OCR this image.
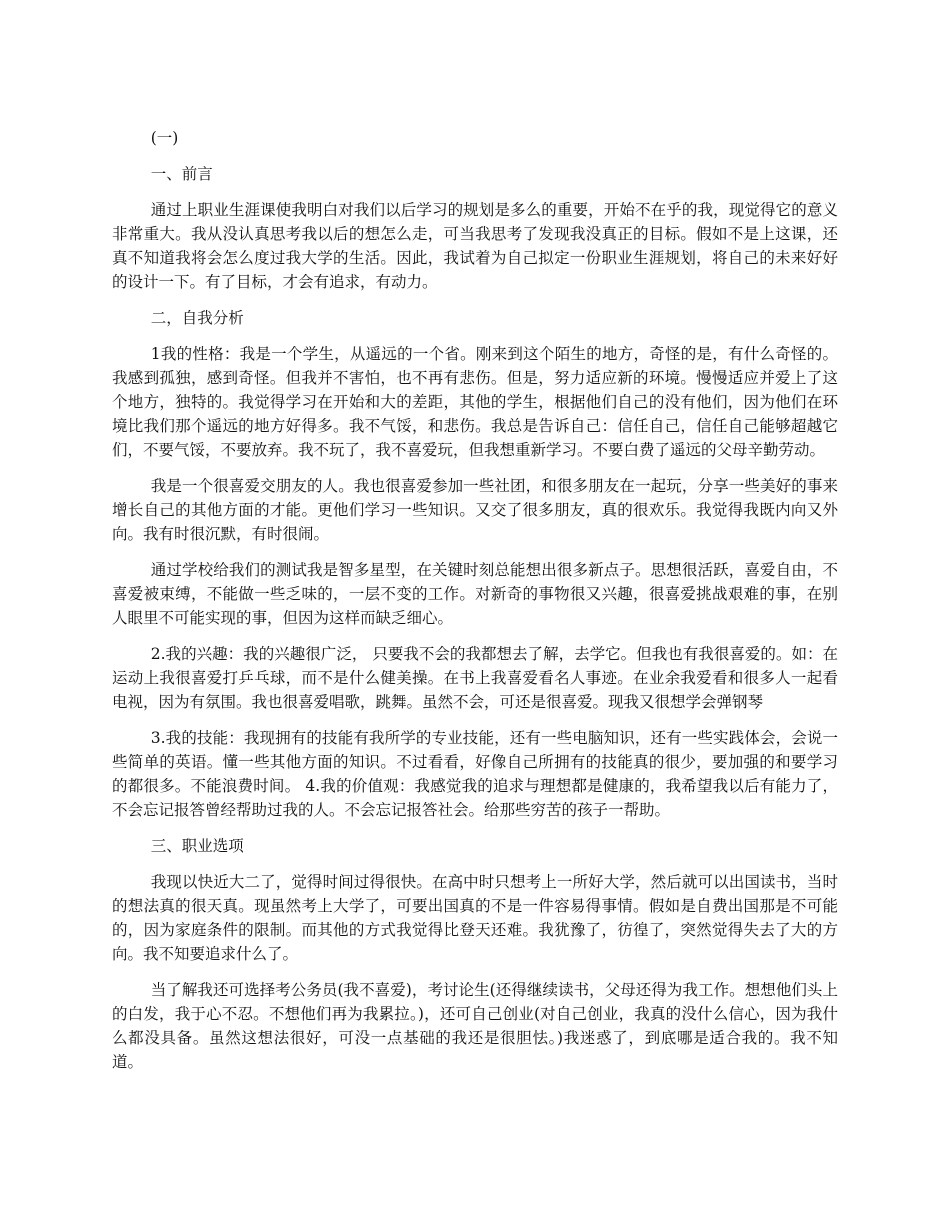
(一)

一、前言

通过上职业生涯课使我明白对我们以后学习的规划是多么的重要，开始不在乎的我，现觉得它的意义非常重大。我从没认真思考我以后的想怎么走，可当我思考了发现我没真正的目标。假如不是上这课，还真不知道我将会怎么度过我大学的生活。因此，我试着为自己拟定一份职业生涯规划，将自己的未来好好的设计一下。有了目标，才会有追求，有动力。

二，自我分析

1我的性格：我是一个学生，从遥远的一个省。刚来到这个陌生的地方，奇怪的是，有什么奇怪的。我感到孤独，感到奇怪。但我并不害怕，也不再有悲伤。但是，努力适应新的环境。慢慢适应并爱上了这个地方，独特的。我觉得学习在开始和大的差距，其他的学生，根据他们自己的没有他们，因为他们在环境比我们那个遥远的地方好得多。我不气馁，和悲伤。我总是告诉自己：信任自己，信任自己能够超越它们，不要气馁，不要放弃。我不玩了，我不喜爱玩，但我想重新学习。不要白费了遥远的父母辛勤劳动。

我是一个很喜爱交朋友的人。我也很喜爱参加一些社团，和很多朋友在一起玩，分享一些美好的事来增长自己的其他方面的才能。更他们学习一些知识。又交了很多朋友，真的很欢乐。我觉得我既内向又外向。我有时很沉默，有时很闹。

通过学校给我们的测试我是智多星型，在关键时刻总能想出很多新点子。思想很活跃，喜爱自由，不喜爱被束缚，不能做一些乏味的，一层不变的工作。对新奇的事物很又兴趣，很喜爱挑战艰难的事，在别人眼里不可能实现的事，但因为这样而缺乏细心。

2.我的兴趣：我的兴趣很广泛， 只要我不会的我都想去了解，去学它。但我也有我很喜爱的。如：在运动上我很喜爱打乒乓球，而不是什么健美操。在书上我喜爱看名人事迹。在业余我爱看和很多人一起看电视，因为有氛围。我也很喜爱唱歌，跳舞。虽然不会，可还是很喜爱。现我又很想学会弹钢琴

3.我的技能：我现拥有的技能有我所学的专业技能，还有一些电脑知识，还有一些实践体会，会说一些简单的英语。懂一些其他方面的知识。不过看看，好像自己所拥有的技能真的很少，要加强的和要学习的都很多。不能浪费时间。 4.我的价值观：我感觉我的追求与理想都是健康的，我希望我以后有能力了，不会忘记报答曾经帮助过我的人。不会忘记报答社会。给那些穷苦的孩子一帮助。

三、职业选项

我现以快近大二了，觉得时间过得很快。在高中时只想考上一所好大学，然后就可以出国读书，当时的想法真的很天真。现虽然考上大学了，可要出国真的不是一件容易得事情。假如是自费出国那是不可能的，因为家庭条件的限制。而其他的方式我觉得比登天还难。我犹豫了，彷徨了，突然觉得失去了大的方向。我不知要追求什么了。

当了解我还可选择考公务员(我不喜爱)，考讨论生(还得继续读书，父母还得为我工作。想想他们头上的白发，我于心不忍。不想他们再为我累拉。)，还可自己创业(对自己创业，我真的没什么信心，因为我什么都没具备。虽然这想法很好，可没一点基础的我还是很胆怯。)我迷惑了，到底哪是适合我的。我不知道。
